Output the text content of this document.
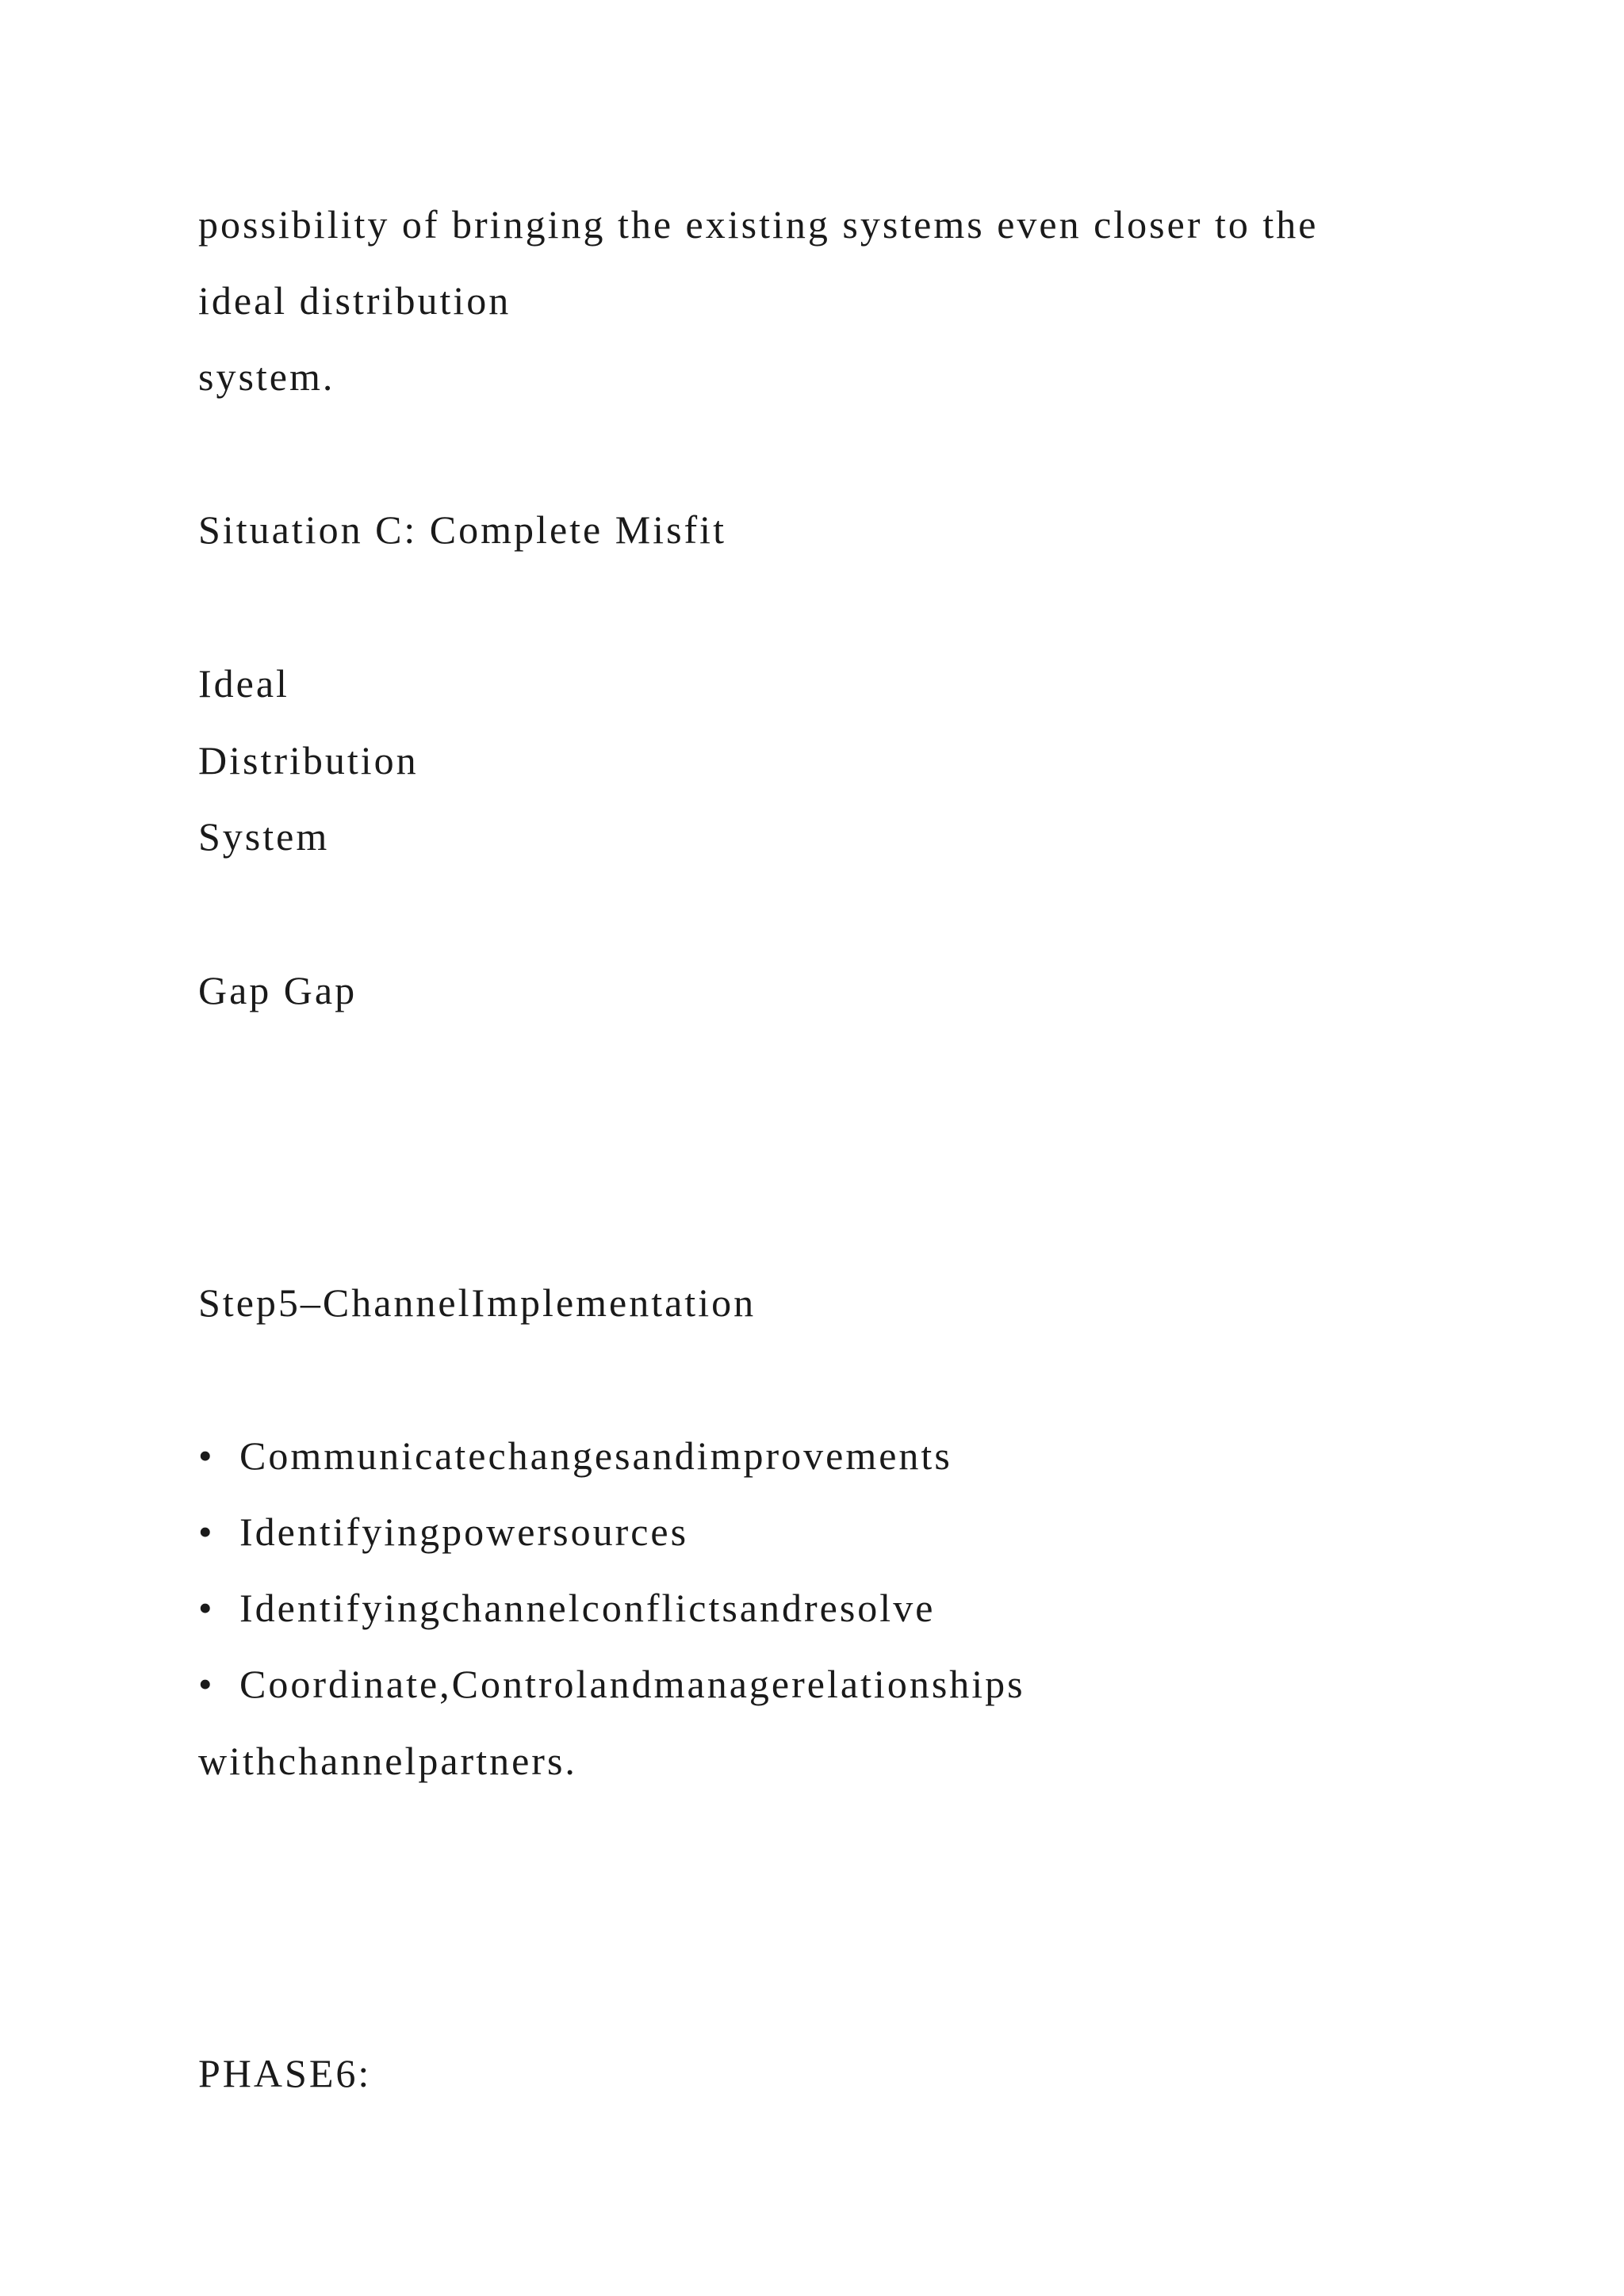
possibility of bringing the existing systems even closer to the
ideal distribution
system.
Situation C: Complete Misfit
Ideal
Distribution
System
Gap Gap
Step5–ChannelImplementation
• Communicatechangesandimprovements
• Identifyingpowersources
• Identifyingchannelconflictsandresolve
• Coordinate,Controlandmanagerelationships
withchannelpartners.
PHASE6:
